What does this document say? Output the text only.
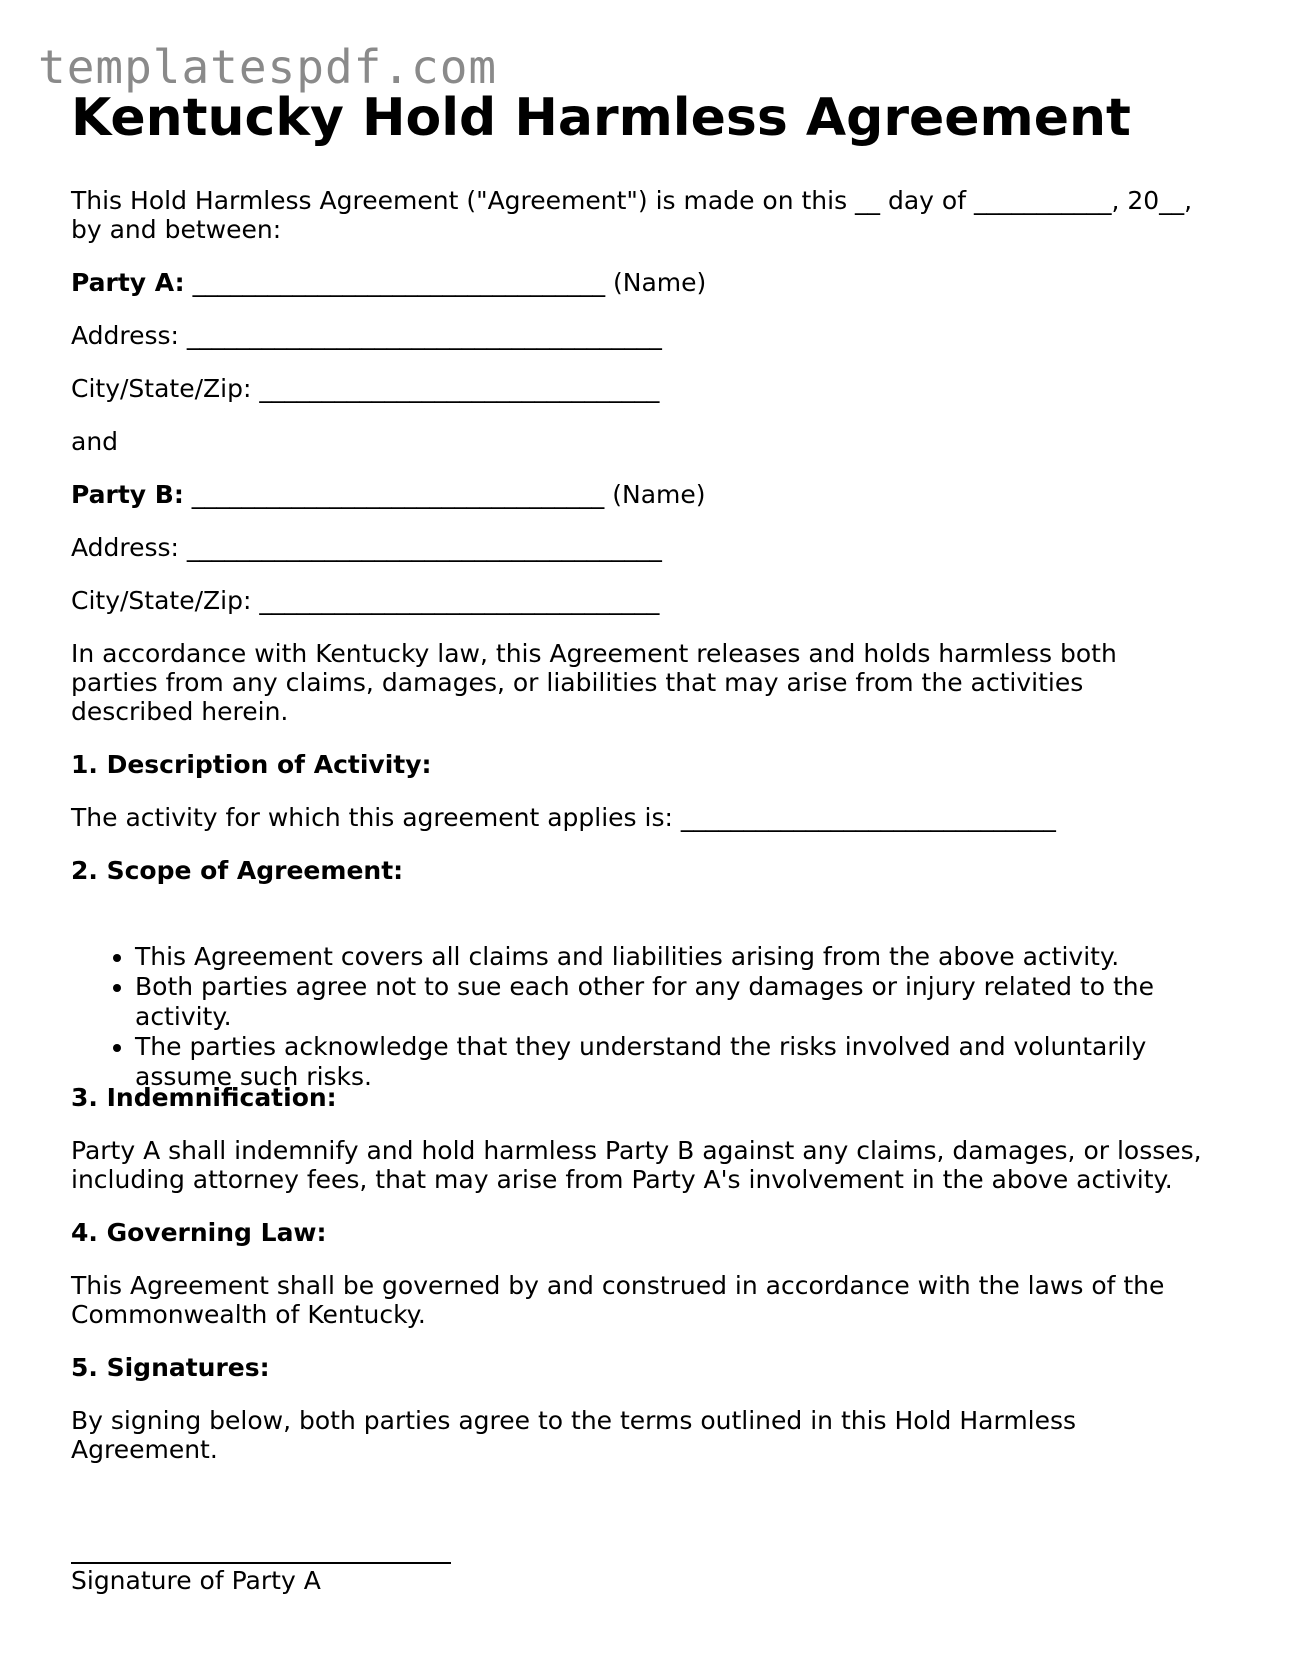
templatespdf.com
Kentucky Hold Harmless Agreement

This Hold Harmless Agreement ("Agreement") is made on this __ day of ___________, 20__,

by and between:

Party A: _________________________________ (Name)

Address: ______________________________________

City/State/Zip: ________________________________

and

Party B: _________________________________ (Name)

Address: ______________________________________

City/State/Zip: ________________________________

In accordance with Kentucky law, this Agreement releases and holds harmless both

parties from any claims, damages, or liabilities that may arise from the activities

described herein.

1. Description of Activity:

The activity for which this agreement applies is: ______________________________

2. Scope of Agreement:

• This Agreement covers all claims and liabilities arising from the above activity.
• Both parties agree not to sue each other for any damages or injury related to the
activity.
• The parties acknowledge that they understand the risks involved and voluntarily
assume such risks.

3. Indemnification:

Party A shall indemnify and hold harmless Party B against any claims, damages, or losses,

including attorney fees, that may arise from Party A's involvement in the above activity.

4. Governing Law:

This Agreement shall be governed by and construed in accordance with the laws of the

Commonwealth of Kentucky.

5. Signatures:

By signing below, both parties agree to the terms outlined in this Hold Harmless

Agreement.

Signature of Party A
